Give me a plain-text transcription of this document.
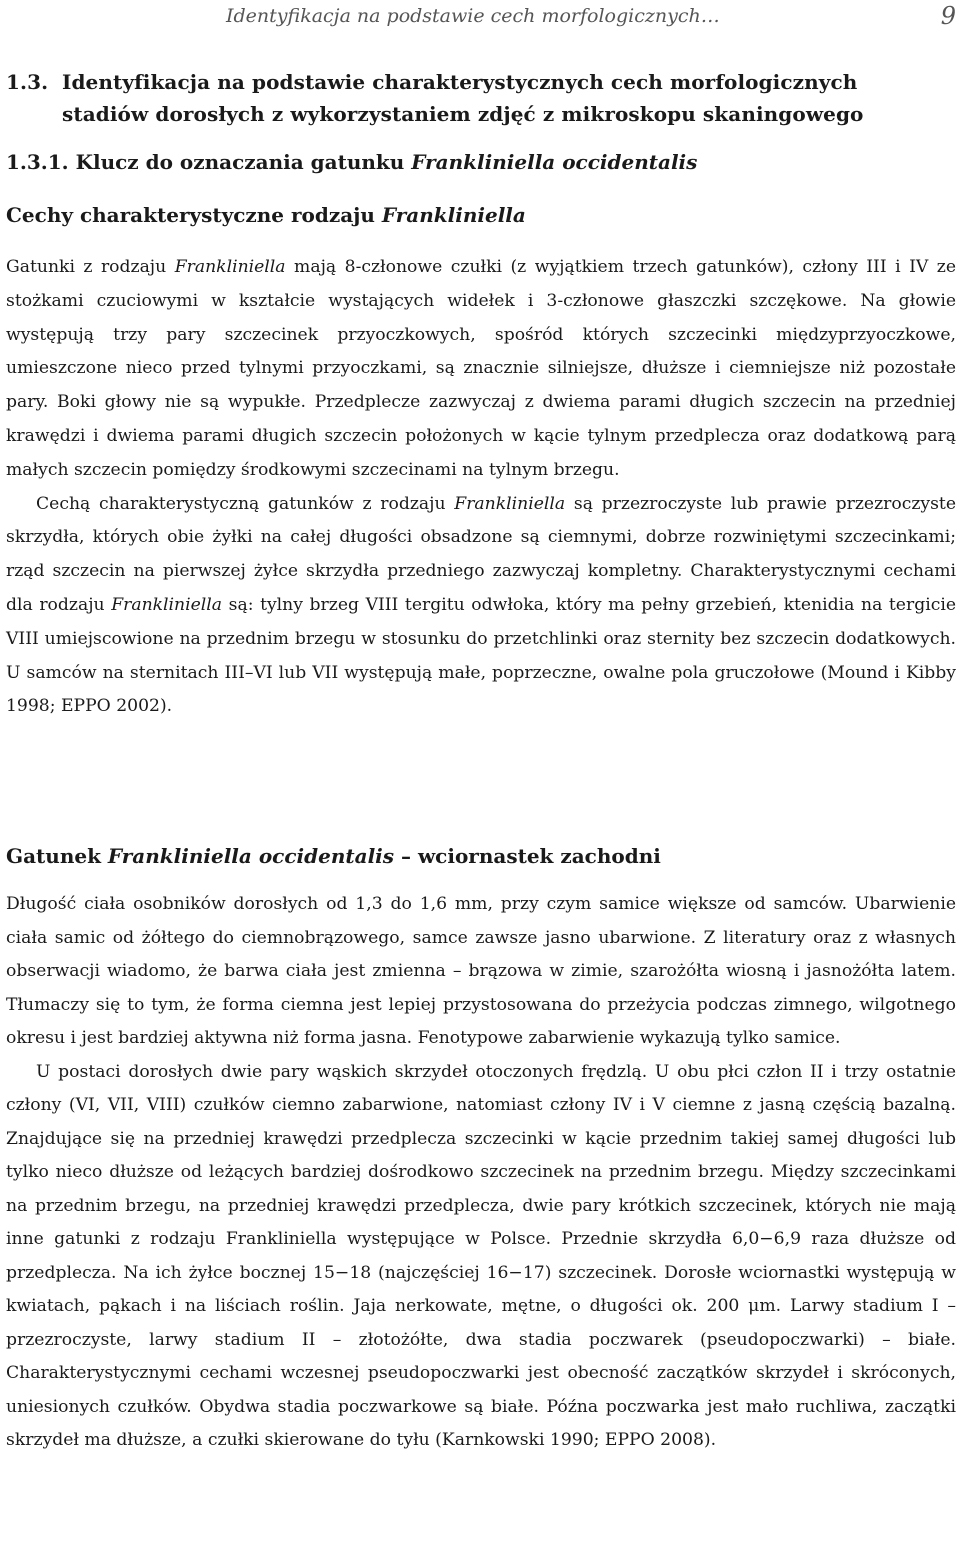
Identyfikacja na podstawie cech morfologicznych…	9
1.3. Identyfikacja na podstawie charakterystycznych cech morfologicznych
stadiów dorosłych z wykorzystaniem zdjęć z mikroskopu skaningowego
1.3.1. Klucz do oznaczania gatunku Frankliniella occidentalis
Cechy charakterystyczne rodzaju Frankliniella

Gatunki z rodzaju Frankliniella mają 8-członowe czułki (z wyjątkiem trzech gatunków), człony III i IV ze stożkami czuciowymi w kształcie wystających widełek i 3-członowe głaszczki szczękowe. Na głowie występują trzy pary szczecinek przyoczkowych, spośród których szczecinki międzyprzyoczkowe, umieszczone nieco przed tylnymi przyoczkami, są znacznie silniejsze, dłuższe i ciemniejsze niż pozostałe pary. Boki głowy nie są wypukłe. Przedplecze zazwyczaj z dwiema parami długich szczecin na przedniej krawędzi i dwiema parami długich szczecin położonych w kącie tylnym przedplecza oraz dodatkową parą małych szczecin pomiędzy środkowymi szczecinami na tylnym brzegu.

Cechą charakterystyczną gatunków z rodzaju Frankliniella są przezroczyste lub prawie przezroczyste skrzydła, których obie żyłki na całej długości obsadzone są ciemnymi, dobrze rozwiniętymi szczecinkami; rząd szczecin na pierwszej żyłce skrzydła przedniego zazwyczaj kompletny. Charakterystycznymi cechami dla rodzaju Frankliniella są: tylny brzeg VIII tergitu odwłoka, który ma pełny grzebień, ktenidia na tergicie VIII umiejscowione na przednim brzegu w stosunku do przetchlinki oraz sternity bez szczecin dodatkowych. U samców na sternitach III–VI lub VII występują małe, poprzeczne, owalne pola gruczołowe (Mound i Kibby 1998; EPPO 2002).

Gatunek Frankliniella occidentalis – wciornastek zachodni

Długość ciała osobników dorosłych od 1,3 do 1,6 mm, przy czym samice większe od samców. Ubarwienie ciała samic od żółtego do ciemnobrązowego, samce zawsze jasno ubarwione. Z literatury oraz z własnych obserwacji wiadomo, że barwa ciała jest zmienna – brązowa w zimie, szarożółta wiosną i jasnożółta latem. Tłumaczy się to tym, że forma ciemna jest lepiej przystosowana do przeżycia podczas zimnego, wilgotnego okresu i jest bardziej aktywna niż forma jasna. Fenotypowe zabarwienie wykazują tylko samice.

U postaci dorosłych dwie pary wąskich skrzydeł otoczonych frędzlą. U obu płci człon II i trzy ostatnie człony (VI, VII, VIII) czułków ciemno zabarwione, natomiast człony IV i V ciemne z jasną częścią bazalną. Znajdujące się na przedniej krawędzi przedplecza szczecinki w kącie przednim takiej samej długości lub tylko nieco dłuższe od leżących bardziej dośrodkowo szczecinek na przednim brzegu. Między szczecinkami na przednim brzegu, na przedniej krawędzi przedplecza, dwie pary krótkich szczecinek, których nie mają inne gatunki z rodzaju Frankliniella występujące w Polsce. Przednie skrzydła 6,0−6,9 raza dłuższe od przedplecza. Na ich żyłce bocznej 15−18 (najczęściej 16−17) szczecinek. Dorosłe wciornastki występują w kwiatach, pąkach i na liściach roślin. Jaja nerkowate, mętne, o długości ok. 200 μm. Larwy stadium I – przezroczyste, larwy stadium II – złotożółte, dwa stadia poczwarek (pseudopoczwarki) – białe. Charakterystycznymi cechami wczesnej pseudopoczwarki jest obecność zaczątków skrzydeł i skróconych, uniesionych czułków. Obydwa stadia poczwarkowe są białe. Późna poczwarka jest mało ruchliwa, zaczątki skrzydeł ma dłuższe, a czułki skierowane do tyłu (Karnkowski 1990; EPPO 2008).
